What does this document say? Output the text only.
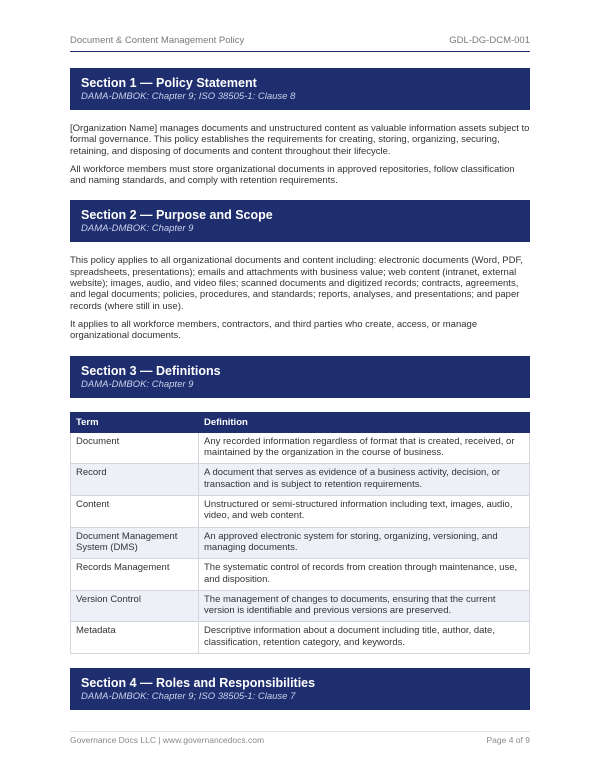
Document & Content Management Policy	GDL-DG-DCM-001
Section 1 — Policy Statement
DAMA-DMBOK: Chapter 9; ISO 38505-1: Clause 8

[Organization Name] manages documents and unstructured content as valuable information assets subject to formal governance. This policy establishes the requirements for creating, storing, organizing, securing, retaining, and disposing of documents and content throughout their lifecycle.

All workforce members must store organizational documents in approved repositories, follow classification and naming standards, and comply with retention requirements.

Section 2 — Purpose and Scope
DAMA-DMBOK: Chapter 9

This policy applies to all organizational documents and content including: electronic documents (Word, PDF, spreadsheets, presentations); emails and attachments with business value; web content (intranet, external website); images, audio, and video files; scanned documents and digitized records; contracts, agreements, and legal documents; policies, procedures, and standards; reports, analyses, and presentations; and paper records (where still in use).

It applies to all workforce members, contractors, and third parties who create, access, or manage organizational documents.

Section 3 — Definitions
DAMA-DMBOK: Chapter 9
Term	Definition
Document	Any recorded information regardless of format that is created, received, or maintained by the organization in the course of business.
Record	A document that serves as evidence of a business activity, decision, or transaction and is subject to retention requirements.
Content	Unstructured or semi-structured information including text, images, audio, video, and web content.
Document Management System (DMS)	An approved electronic system for storing, organizing, versioning, and managing documents.
Records Management	The systematic control of records from creation through maintenance, use, and disposition.
Version Control	The management of changes to documents, ensuring that the current version is identifiable and previous versions are preserved.
Metadata	Descriptive information about a document including title, author, date, classification, retention category, and keywords.
Section 4 — Roles and Responsibilities
DAMA-DMBOK: Chapter 9; ISO 38505-1: Clause 7
Governance Docs LLC | www.governancedocs.com	Page 4 of 9
